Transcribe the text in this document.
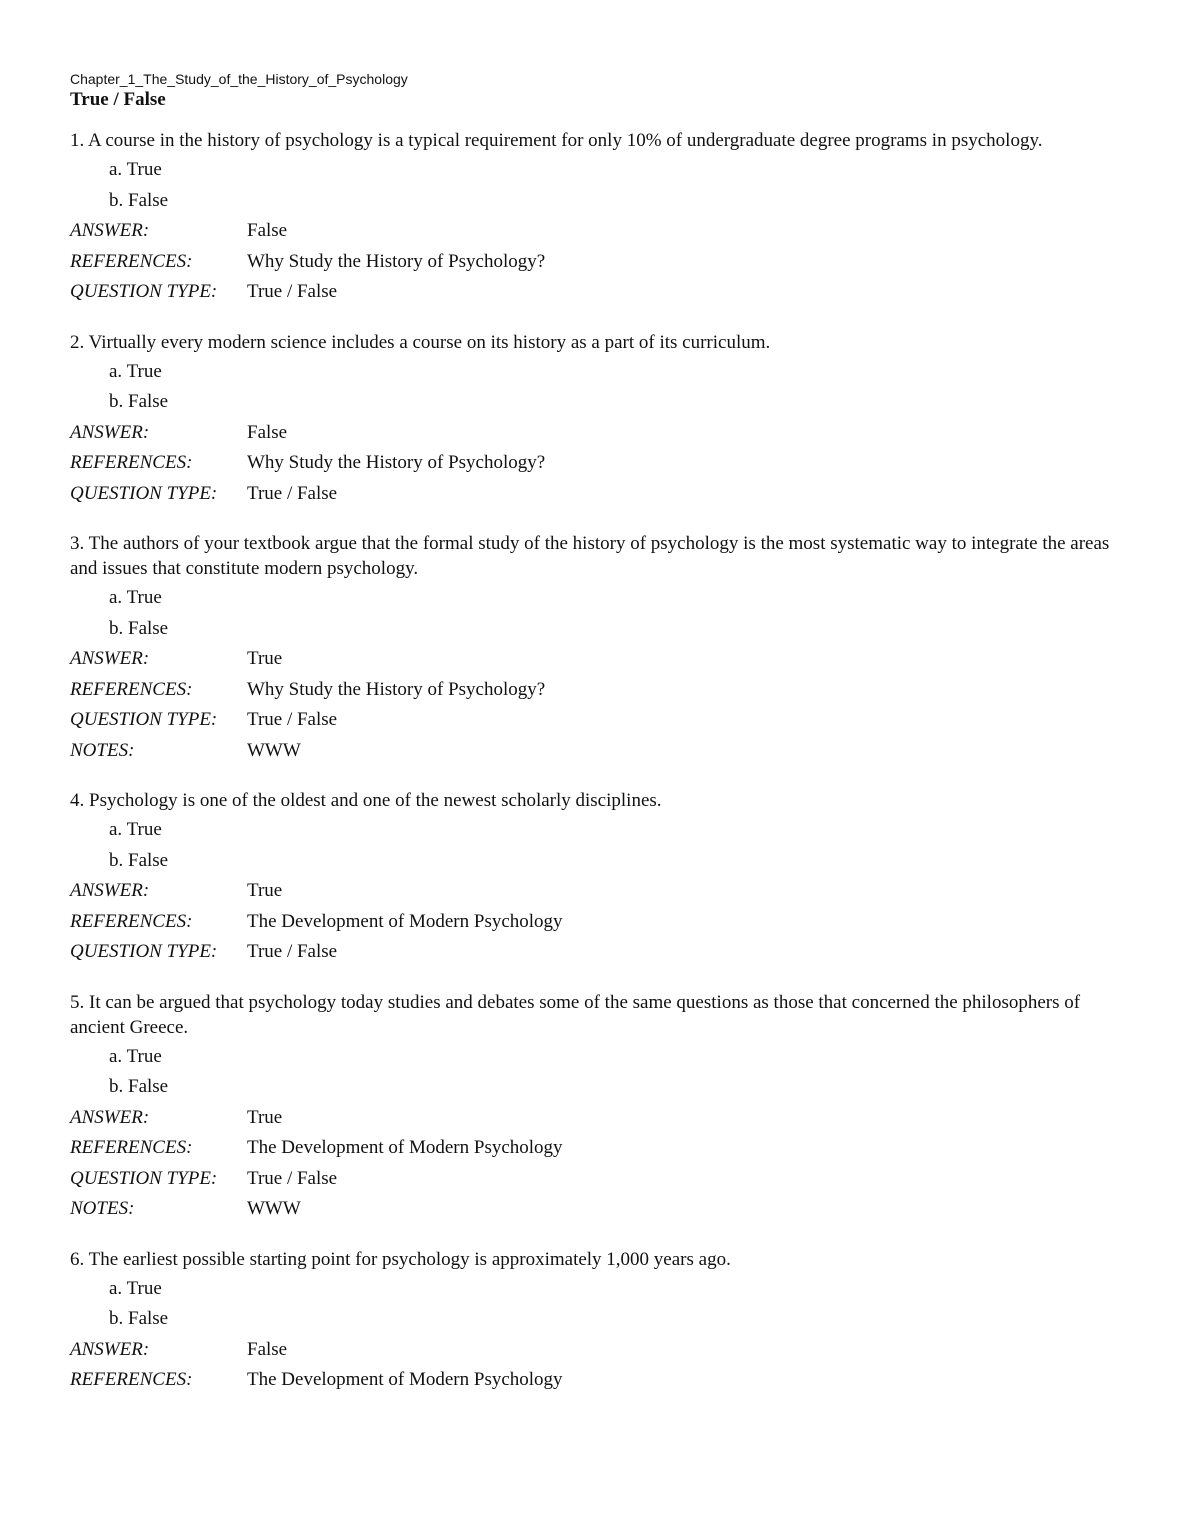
Chapter_1_The_Study_of_the_History_of_Psychology
True / False
1. A course in the history of psychology is a typical requirement for only 10% of undergraduate degree programs in psychology.
a. True
b. False
ANSWER:	False
REFERENCES:	Why Study the History of Psychology?
QUESTION TYPE:	True / False
2. Virtually every modern science includes a course on its history as a part of its curriculum.
a. True
b. False
ANSWER:	False
REFERENCES:	Why Study the History of Psychology?
QUESTION TYPE:	True / False
3. The authors of your textbook argue that the formal study of the history of psychology is the most systematic way to integrate the areas and issues that constitute modern psychology.
a. True
b. False
ANSWER:	True
REFERENCES:	Why Study the History of Psychology?
QUESTION TYPE:	True / False
NOTES:	WWW
4. Psychology is one of the oldest and one of the newest scholarly disciplines.
a. True
b. False
ANSWER:	True
REFERENCES:	The Development of Modern Psychology
QUESTION TYPE:	True / False
5. It can be argued that psychology today studies and debates some of the same questions as those that concerned the philosophers of ancient Greece.
a. True
b. False
ANSWER:	True
REFERENCES:	The Development of Modern Psychology
QUESTION TYPE:	True / False
NOTES:	WWW
6. The earliest possible starting point for psychology is approximately 1,000 years ago.
a. True
b. False
ANSWER:	False
REFERENCES:	The Development of Modern Psychology
